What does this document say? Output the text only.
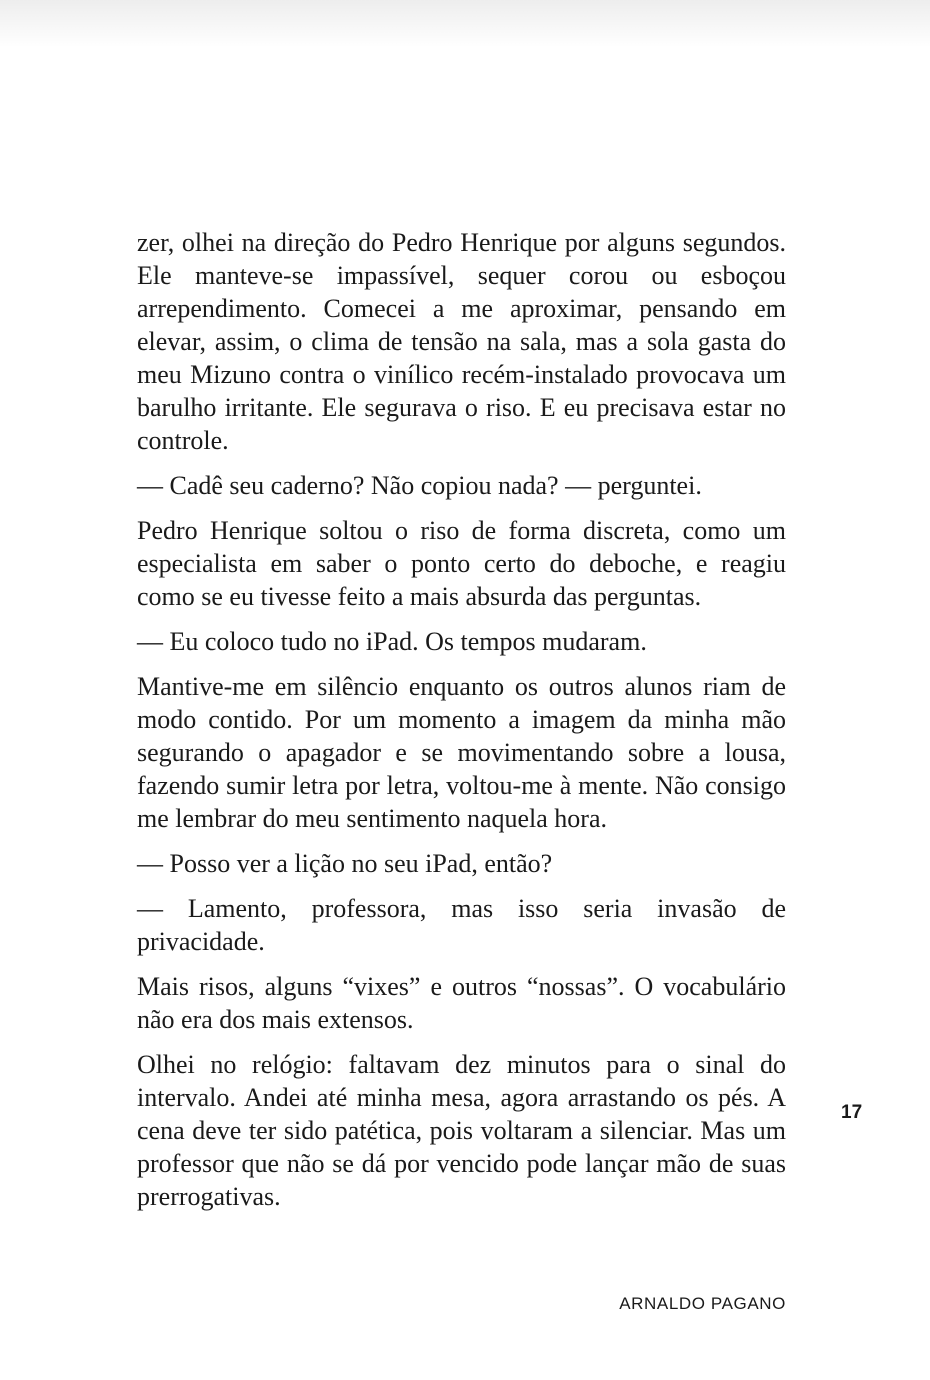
zer, olhei na direção do Pedro Henrique por alguns segundos. Ele manteve-se impassível, sequer corou ou esboçou arrependimento. Comecei a me aproximar, pensando em elevar, assim, o clima de tensão na sala, mas a sola gasta do meu Mizuno contra o vinílico recém-instalado provocava um barulho irritante. Ele segurava o riso. E eu precisava estar no controle.

— Cadê seu caderno? Não copiou nada? — perguntei.

Pedro Henrique soltou o riso de forma discreta, como um especialista em saber o ponto certo do deboche, e reagiu como se eu tivesse feito a mais absurda das perguntas.

— Eu coloco tudo no iPad. Os tempos mudaram.

Mantive-me em silêncio enquanto os outros alunos riam de modo contido. Por um momento a imagem da minha mão segurando o apagador e se movimentando sobre a lousa, fazendo sumir letra por letra, voltou-me à mente. Não consigo me lembrar do meu sentimento naquela hora.

— Posso ver a lição no seu iPad, então?

— Lamento, professora, mas isso seria invasão de privacidade.

Mais risos, alguns “vixes” e outros “nossas”. O vocabulário não era dos mais extensos.

Olhei no relógio: faltavam dez minutos para o sinal do intervalo. Andei até minha mesa, agora arrastando os pés. A cena deve ter sido patética, pois voltaram a silenciar. Mas um professor que não se dá por vencido pode lançar mão de suas prerrogativas.

17
ARNALDO PAGANO
